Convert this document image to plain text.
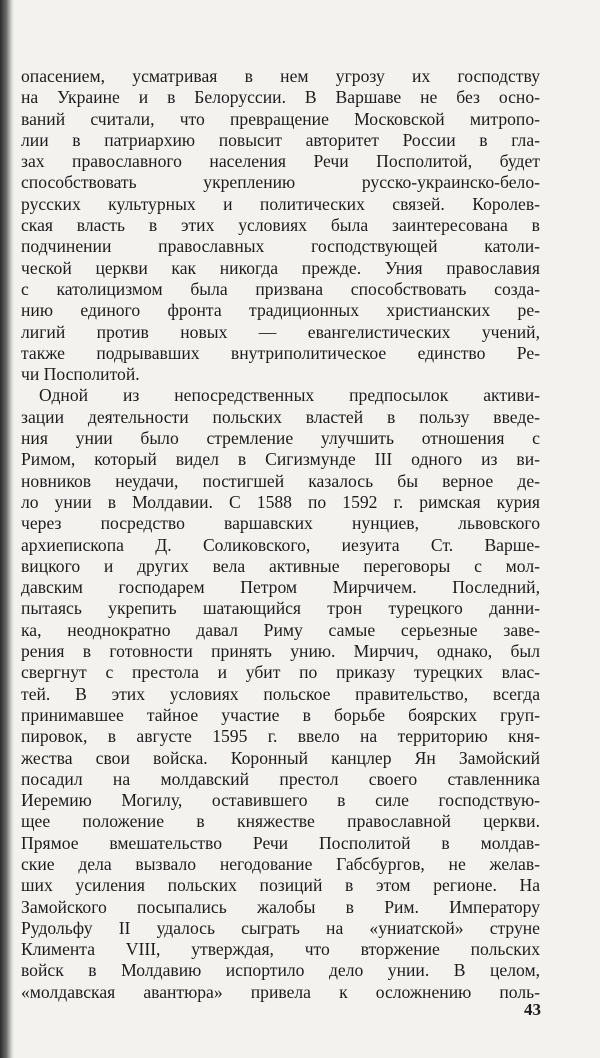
опасением, усматривая в нем угрозу их господству
на Украине и в Белоруссии. В Варшаве не без осно-
ваний считали, что превращение Московской митропо-
лии в патриархию повысит авторитет России в гла-
зах православного населения Речи Посполитой, будет
способствовать укреплению русско-украинско-бело-
русских культурных и политических связей. Королев-
ская власть в этих условиях была заинтересована в
подчинении православных господствующей католи-
ческой церкви как никогда прежде. Уния православия
с католицизмом была призвана способствовать созда-
нию единого фронта традиционных христианских ре-
лигий против новых — евангелистических учений,
также подрывавших внутриполитическое единство Ре-
чи Посполитой.
Одной из непосредственных предпосылок активи-
зации деятельности польских властей в пользу введе-
ния унии было стремление улучшить отношения с
Римом, который видел в Сигизмунде III одного из ви-
новников неудачи, постигшей казалось бы верное де-
ло унии в Молдавии. С 1588 по 1592 г. римская курия
через посредство варшавских нунциев, львовского
архиепископа Д. Соликовского, иезуита Ст. Варше-
вицкого и других вела активные переговоры с мол-
давским господарем Петром Мирчичем. Последний,
пытаясь укрепить шатающийся трон турецкого данни-
ка, неоднократно давал Риму самые серьезные заве-
рения в готовности принять унию. Мирчич, однако, был
свергнут с престола и убит по приказу турецких влас-
тей. В этих условиях польское правительство, всегда
принимавшее тайное участие в борьбе боярских груп-
пировок, в августе 1595 г. ввело на территорию кня-
жества свои войска. Коронный канцлер Ян Замойский
посадил на молдавский престол своего ставленника
Иеремию Могилу, оставившего в силе господствую-
щее положение в княжестве православной церкви.
Прямое вмешательство Речи Посполитой в молдав-
ские дела вызвало негодование Габсбургов, не желав-
ших усиления польских позиций в этом регионе. На
Замойского посыпались жалобы в Рим. Императору
Рудольфу II удалось сыграть на «униатской» струне
Климента VIII, утверждая, что вторжение польских
войск в Молдавию испортило дело унии. В целом,
«молдавская авантюра» привела к осложнению поль-
43
